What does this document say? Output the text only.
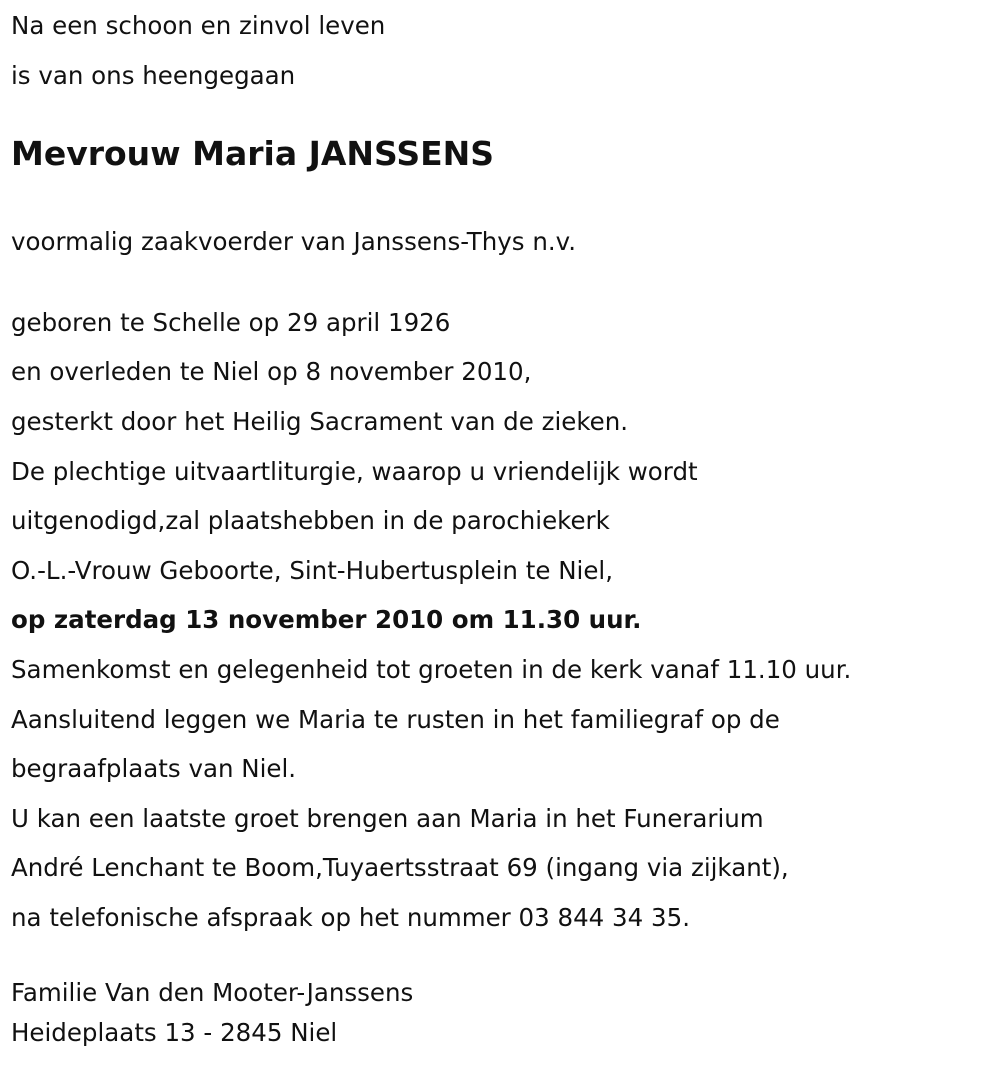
Na een schoon en zinvol leven
is van ons heengegaan
Mevrouw Maria JANSSENS
voormalig zaakvoerder van Janssens-Thys n.v.
geboren te Schelle op 29 april 1926
en overleden te Niel op 8 november 2010,
gesterkt door het Heilig Sacrament van de zieken.
De plechtige uitvaartliturgie, waarop u vriendelijk wordt
uitgenodigd,zal plaatshebben in de parochiekerk
O.-L.-Vrouw Geboorte, Sint-Hubertusplein te Niel,
op zaterdag 13 november 2010 om 11.30 uur.
Samenkomst en gelegenheid tot groeten in de kerk vanaf 11.10 uur.
Aansluitend leggen we Maria te rusten in het familiegraf op de
begraafplaats van Niel.
U kan een laatste groet brengen aan Maria in het Funerarium
André Lenchant te Boom,Tuyaertsstraat 69 (ingang via zijkant),
na telefonische afspraak op het nummer 03 844 34 35.
Familie Van den Mooter-Janssens
Heideplaats 13 - 2845 Niel
